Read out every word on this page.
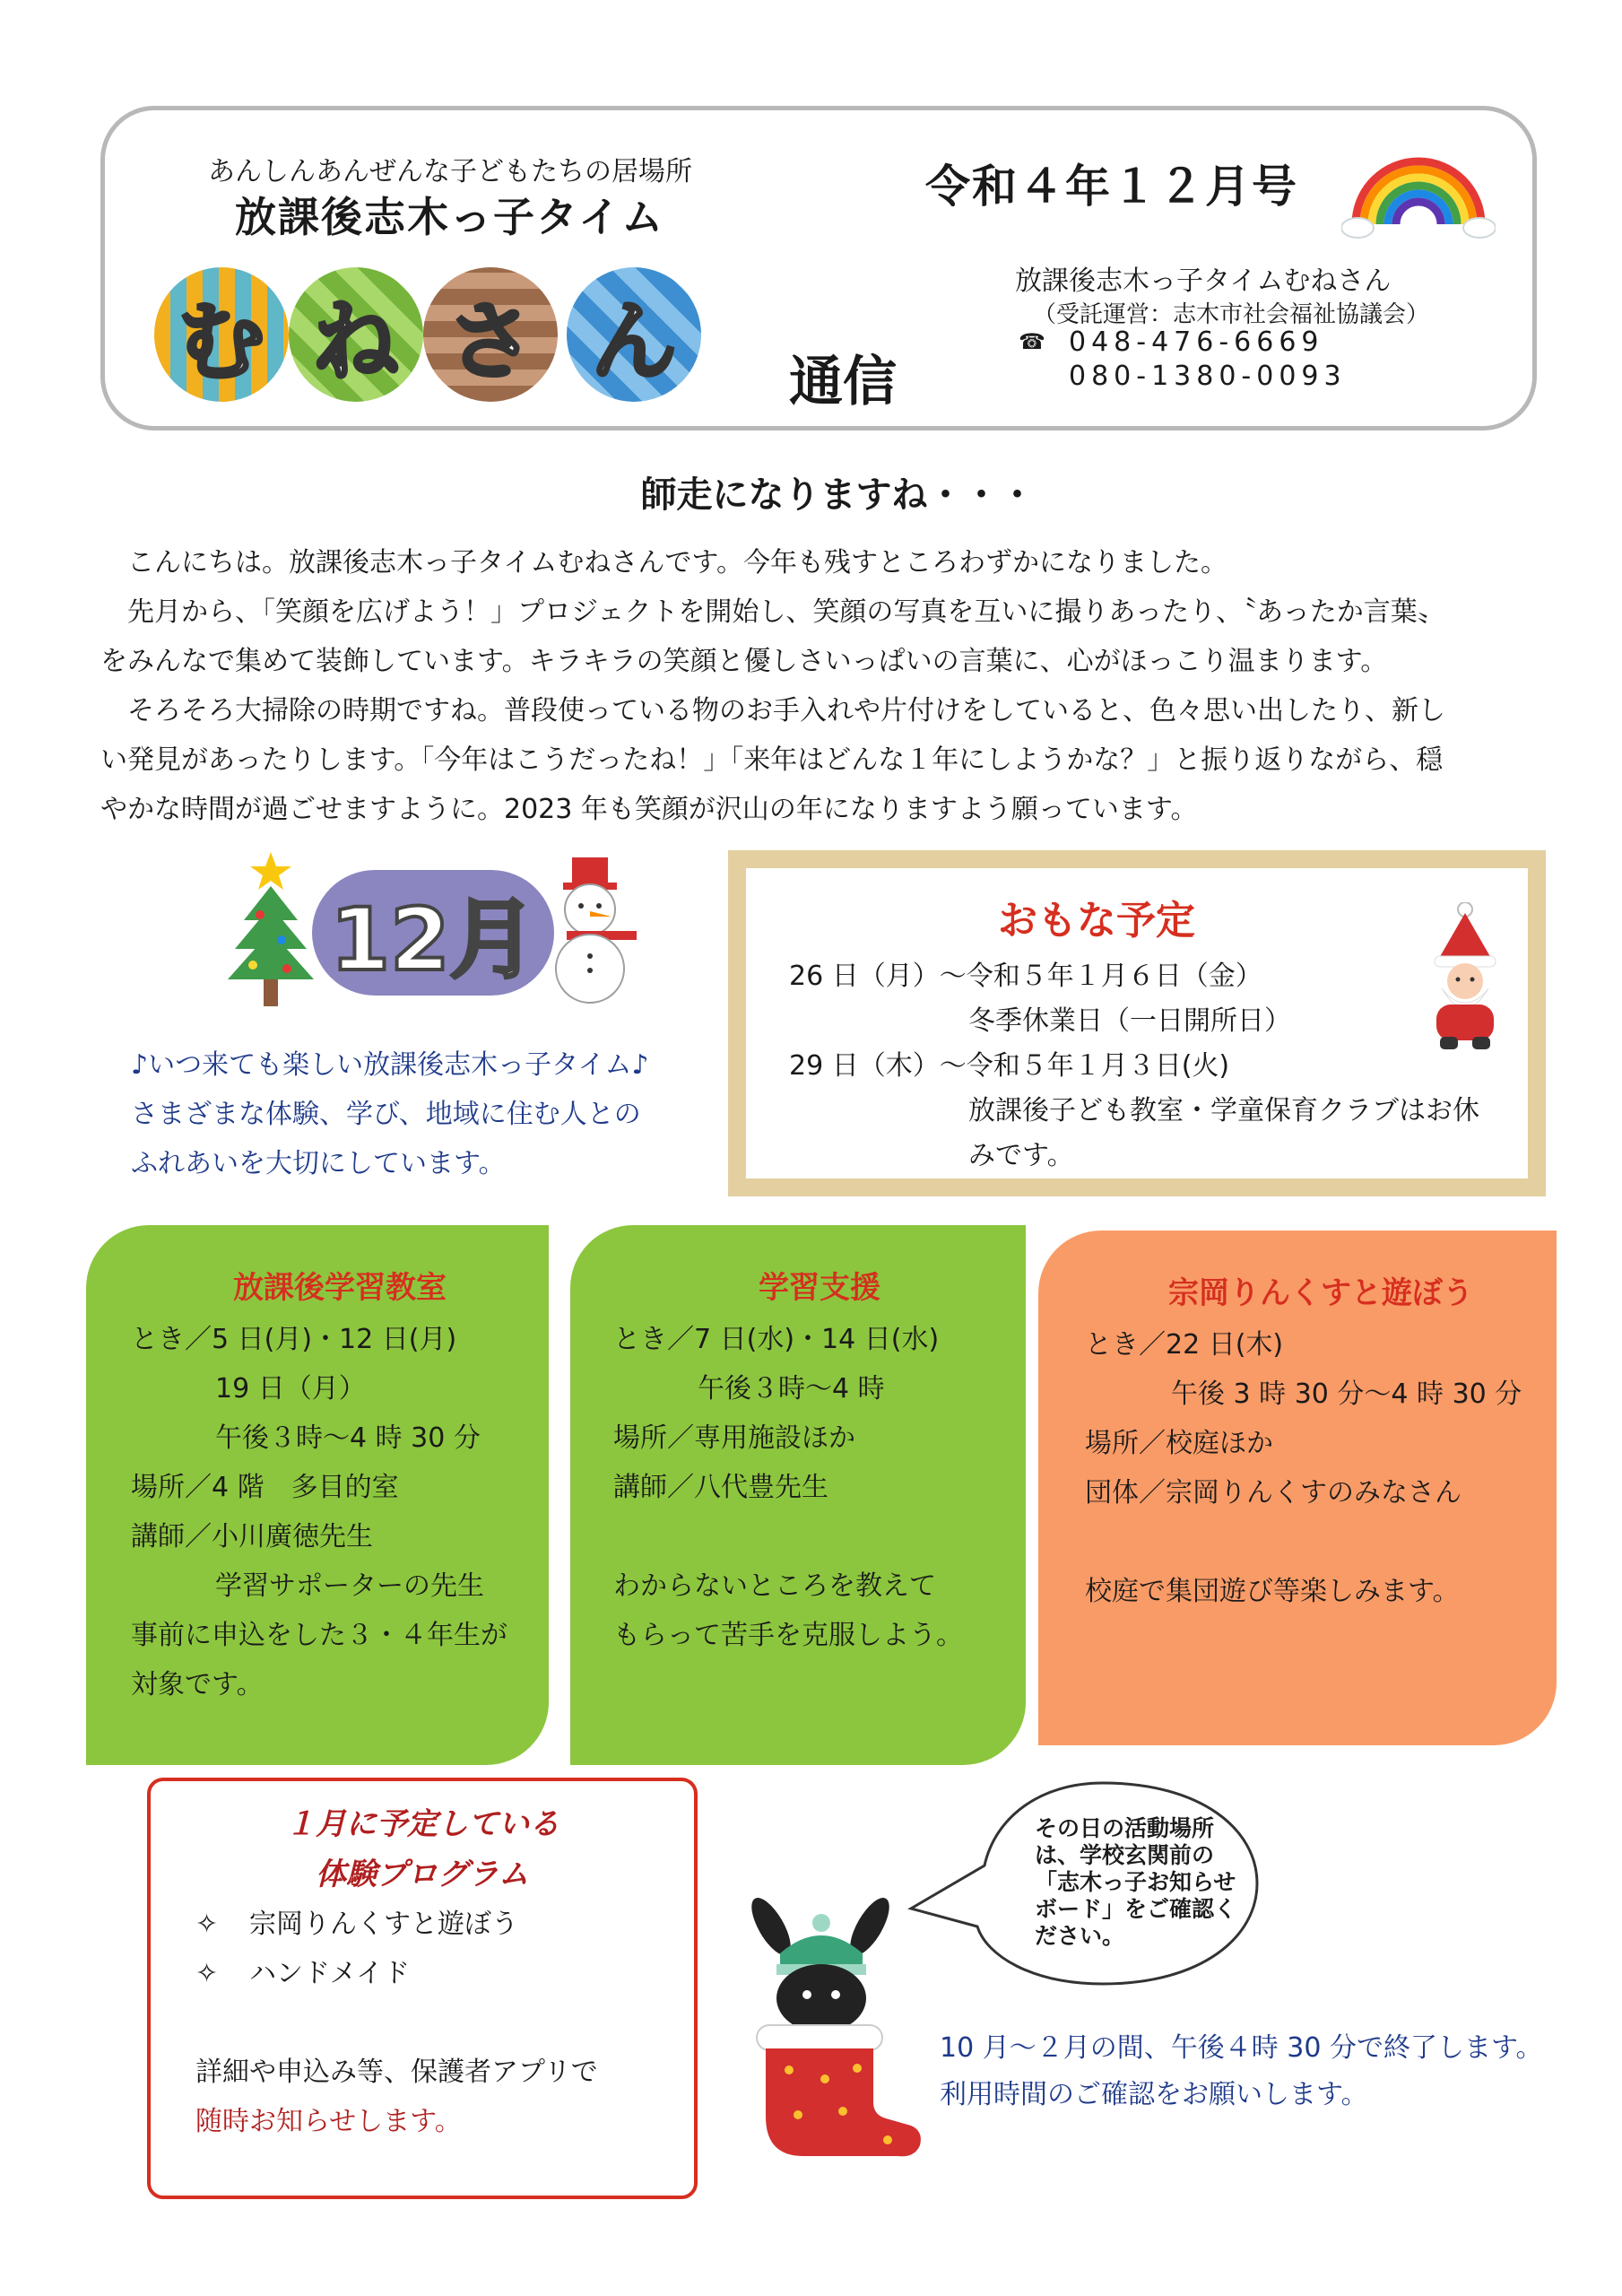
あんしんあんぜんな子どもたちの居場所
放課後志木っ子タイム
む ね さ ん	通信
令和４年１２月号
放課後志木っ子タイムむねさん
（受託運営：志木市社会福祉協議会）
☎ 048-476-6669
080-1380-0093
師走になりますね・・・

こんにちは。放課後志木っ子タイムむねさんです。今年も残すところわずかになりました。

先月から、「笑顔を広げよう！」プロジェクトを開始し、笑顔の写真を互いに撮りあったり、〝あったか言葉〟

をみんなで集めて装飾しています。キラキラの笑顔と優しさいっぱいの言葉に、心がほっこり温まります。

そろそろ大掃除の時期ですね。普段使っている物のお手入れや片付けをしていると、色々思い出したり、新し

い発見があったりします。「今年はこうだったね！」「来年はどんな１年にしようかな？」と振り返りながら、穏

やかな時間が過ごせますように。2023 年も笑顔が沢山の年になりますよう願っています。

12月

♪いつ来ても楽しい放課後志木っ子タイム♪

さまざまな体験、学び、地域に住む人との

ふれあいを大切にしています。

おもな予定

26 日（月）～令和５年１月６日（金）

冬季休業日（一日開所日）

29 日（木）～令和５年１月３日(火)

放課後子ども教室・学童保育クラブはお休

みです。

放課後学習教室

とき／5 日(月)・12 日(月)

19 日（月）

午後３時～4 時 30 分

場所／4 階　多目的室

講師／小川廣徳先生

学習サポーターの先生

事前に申込をした３・４年生が

対象です。

学習支援

とき／7 日(水)・14 日(水)

午後３時～4 時

場所／専用施設ほか

講師／八代豊先生

わからないところを教えて

もらって苦手を克服しよう。

宗岡りんくすと遊ぼう

とき／22 日(木)

午後 3 時 30 分～4 時 30 分

場所／校庭ほか

団体／宗岡りんくすのみなさん

校庭で集団遊び等楽しみます。

１月に予定している

体験プログラム

✧ 宗岡りんくすと遊ぼう

✧ ハンドメイド

詳細や申込み等、保護者アプリで

随時お知らせします。

その日の活動場所

は、学校玄関前の

「志木っ子お知らせ

ボード」をご確認く

ださい。

10 月～２月の間、午後４時 30 分で終了します。

利用時間のご確認をお願いします。
